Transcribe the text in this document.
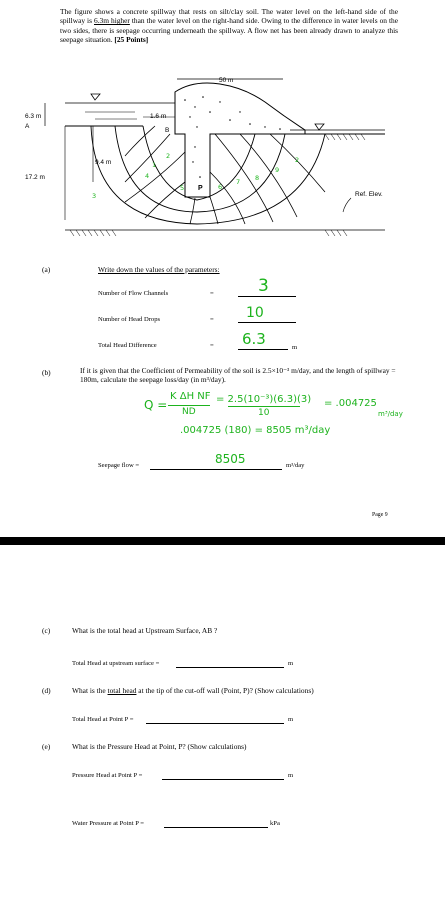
The figure shows a concrete spillway that rests on silt/clay soil. The water level on the left-hand side of the spillway is 6.3m higher than the water level on the right-hand side. Owing to the difference in water levels on the two sides, there is seepage occurring underneath the spillway. A flow net has been already drawn to analyze this seepage situation. [25 Points]
50 m
6.3 m
A
1.6 m
B
9.4 m
17.2 m
P
Ref. Elev.
2
1
3
4
5	6
7 8
9
2
(a)	Write down the values of the parameters:
Number of Flow Channels	=	3
Number of Head Drops	= 10
Total Head Difference	= 6.3	m
(b)	If it is given that the Coefficient of Permeability of the soil is 2.5×10⁻³ m/day, and the length of spillway = 180m, calculate the seepage loss/day (in m³/day).
Q =
K ΔH NF
ND
= 2.5(10⁻³)(6.3)(3)
10
= .004725
m³/day
.004725 (180) = 8505 m³/day
Seepage flow =	8505	m³/day
Page 9
(c)	What is the total head at Upstream Surface, AB ?
Total Head at upstream surface =	m
(d)	What is the total head at the tip of the cut-off wall (Point, P)? (Show calculations)
Total Head at Point P =	m
(e)	What is the Pressure Head at Point, P? (Show calculations)
Pressure Head at Point P =	m
Water Pressure at Point P =	kPa
